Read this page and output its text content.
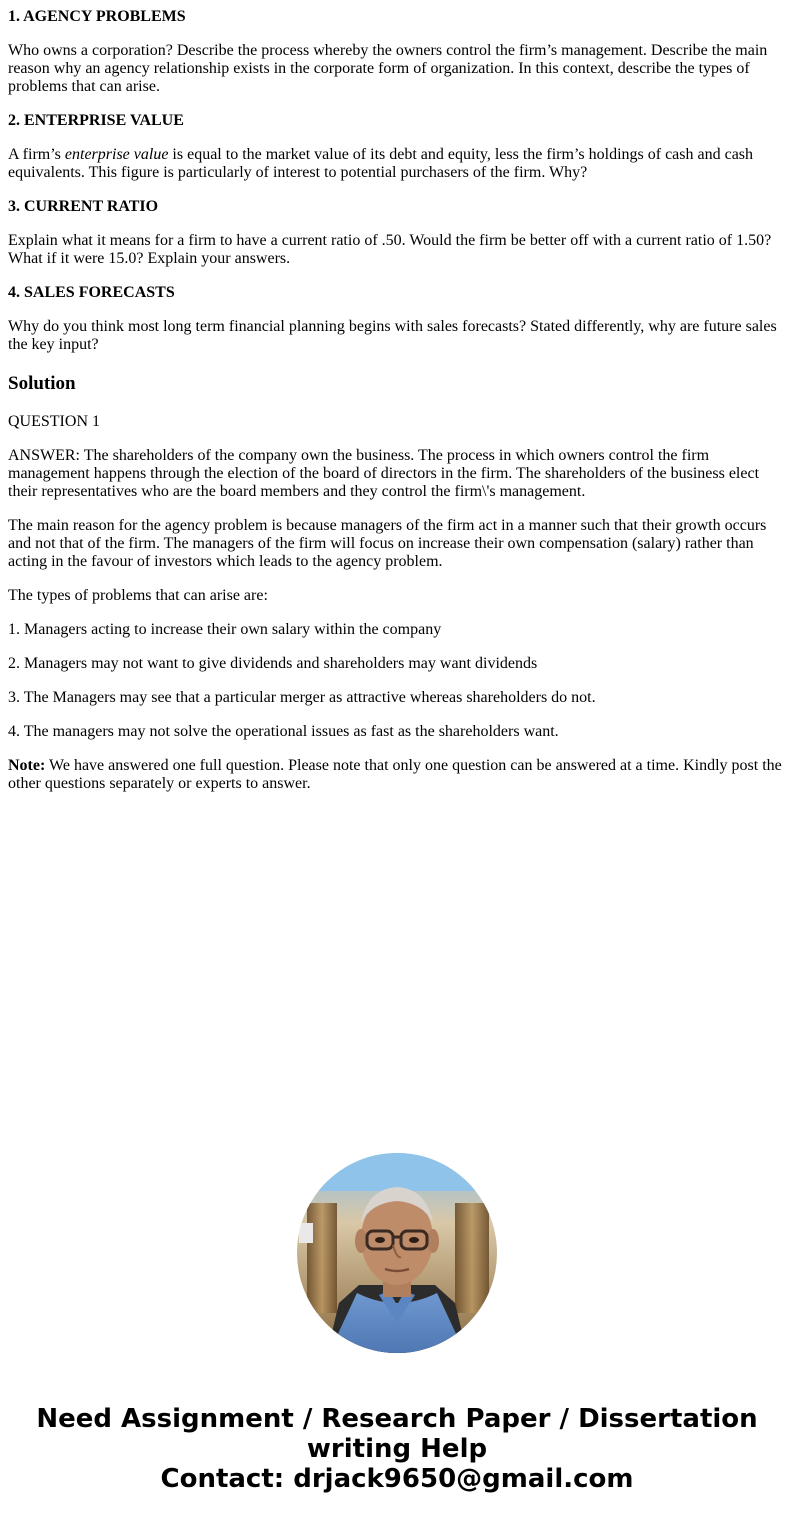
1. AGENCY PROBLEMS

Who owns a corporation? Describe the process whereby the owners control the firm’s management. Describe the main reason why an agency relationship exists in the corporate form of organization. In this context, describe the types of problems that can arise.

2. ENTERPRISE VALUE

A firm’s enterprise value is equal to the market value of its debt and equity, less the firm’s holdings of cash and cash equivalents. This figure is particularly of interest to potential purchasers of the firm. Why?

3. CURRENT RATIO

Explain what it means for a firm to have a current ratio of .50. Would the firm be better off with a current ratio of 1.50? What if it were 15.0? Explain your answers.

4. SALES FORECASTS

Why do you think most long term financial planning begins with sales forecasts? Stated differently, why are future sales the key input?

Solution

QUESTION 1

ANSWER: The shareholders of the company own the business. The process in which owners control the firm management happens through the election of the board of directors in the firm. The shareholders of the business elect their representatives who are the board members and they control the firm\'s management.

The main reason for the agency problem is because managers of the firm act in a manner such that their growth occurs and not that of the firm. The managers of the firm will focus on increase their own compensation (salary) rather than acting in the favour of investors which leads to the agency problem.

The types of problems that can arise are:

1. Managers acting to increase their own salary within the company

2. Managers may not want to give dividends and shareholders may want dividends

3. The Managers may see that a particular merger as attractive whereas shareholders do not.

4. The managers may not solve the operational issues as fast as the shareholders want.

Note: We have answered one full question. Please note that only one question can be answered at a time. Kindly post the other questions separately or experts to answer.

Need Assignment / Research Paper / Dissertation
writing Help
Contact: drjack9650@gmail.com
